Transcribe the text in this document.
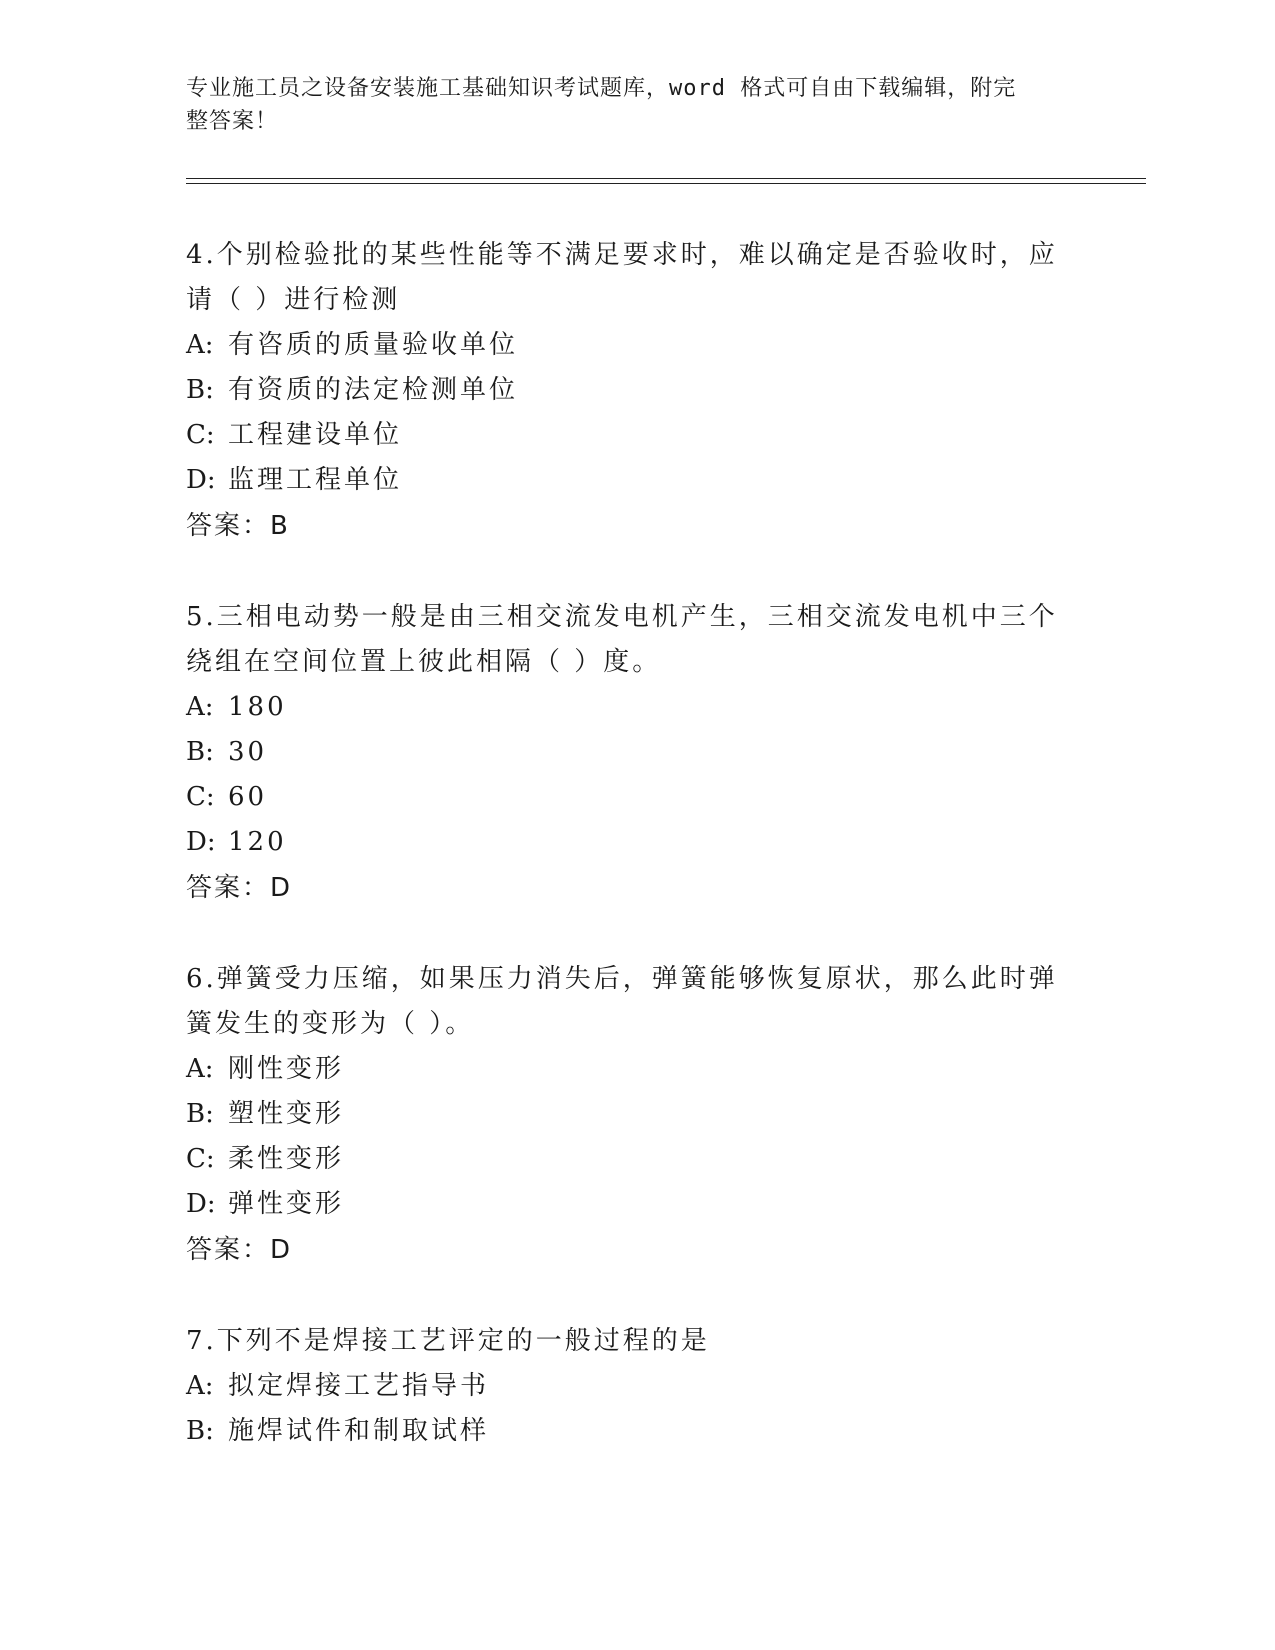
专业施工员之设备安装施工基础知识考试题库，word 格式可自由下载编辑，附完
整答案！

4.个别检验批的某些性能等不满足要求时，难以确定是否验收时，应

请（ ）进行检测

A: 有咨质的质量验收单位

B: 有资质的法定检测单位

C: 工程建设单位

D: 监理工程单位

答案：B

5.三相电动势一般是由三相交流发电机产生，三相交流发电机中三个

绕组在空间位置上彼此相隔（ ）度。

A: 180

B: 30

C: 60

D: 120

答案：D

6.弹簧受力压缩，如果压力消失后，弹簧能够恢复原状，那么此时弹

簧发生的变形为（ ）。

A: 刚性变形

B: 塑性变形

C: 柔性变形

D: 弹性变形

答案：D

7.下列不是焊接工艺评定的一般过程的是

A: 拟定焊接工艺指导书

B: 施焊试件和制取试样
